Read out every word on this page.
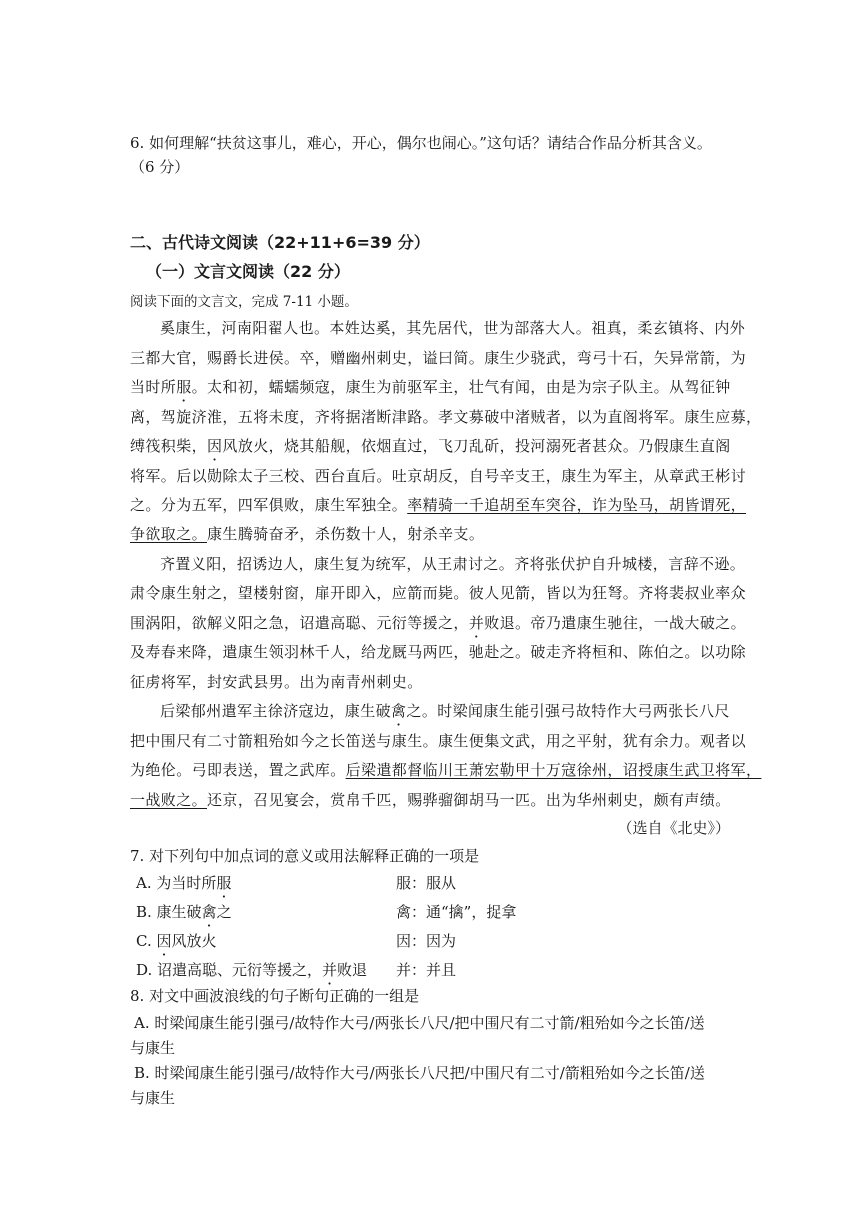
6. 如何理解“扶贫这事儿，难心，开心，偶尔也闹心。”这句话？请结合作品分析其含义。
（6 分）
二、古代诗文阅读（22+11+6=39 分）
（一）文言文阅读（22 分）
阅读下面的文言文，完成 7-11 小题。
奚康生，河南阳翟人也。本姓达奚，其先居代，世为部落大人。祖真，柔玄镇将、内外
三都大官，赐爵长进侯。卒，赠幽州刺史，谥曰简。康生少骁武，弯弓十石，矢异常箭，为
当时所服。太和初，蠕蠕频寇，康生为前驱军主，壮气有闻，由是为宗子队主。从驾征钟
离，驾旋济淮，五将未度，齐将据渚断津路。孝文募破中渚贼者，以为直阁将军。康生应募，
缚筏积柴，因风放火，烧其船舰，依烟直过，飞刀乱斫，投河溺死者甚众。乃假康生直阁
将军。后以勋除太子三校、西台直后。吐京胡反，自号辛支王，康生为军主，从章武王彬讨
之。分为五军，四军俱败，康生军独全。率精骑一千追胡至车突谷，诈为坠马，胡皆谓死，
争欲取之。康生腾骑奋矛，杀伤数十人，射杀辛支。
齐置义阳，招诱边人，康生复为统军，从王肃讨之。齐将张伏护自升城楼，言辞不逊。
肃令康生射之，望楼射窗，扉开即入，应箭而毙。彼人见箭，皆以为狂弩。齐将裴叔业率众
围涡阳，欲解义阳之急，诏遣高聪、元衍等援之，并败退。帝乃遣康生驰往，一战大破之。
及寿春来降，遣康生领羽林千人，给龙厩马两匹，驰赴之。破走齐将桓和、陈伯之。以功除
征虏将军，封安武县男。出为南青州刺史。
后梁郁州遣军主徐济寇边，康生破禽之。时梁闻康生能引强弓故特作大弓两张长八尺
把中围尺有二寸箭粗殆如今之长笛送与康生。康生便集文武，用之平射，犹有余力。观者以
为绝伦。弓即表送，置之武库。后梁遣都督临川王萧宏勒甲十万寇徐州，诏授康生武卫将军，
一战败之。还京，召见宴会，赏帛千匹，赐骅骝御胡马一匹。出为华州刺史，颇有声绩。
（选自《北史》）
7. 对下列句中加点词的意义或用法解释正确的一项是
A. 为当时所服	服：服从
B. 康生破禽之	禽：通“擒”，捉拿
C. 因风放火	因：因为
D. 诏遣高聪、元衍等援之，并败退 并：并且
8. 对文中画波浪线的句子断句正确的一组是
A. 时梁闻康生能引强弓/故特作大弓/两张长八尺/把中围尺有二寸箭/粗殆如今之长笛/送
与康生
B. 时梁闻康生能引强弓/故特作大弓/两张长八尺把/中围尺有二寸/箭粗殆如今之长笛/送
与康生
